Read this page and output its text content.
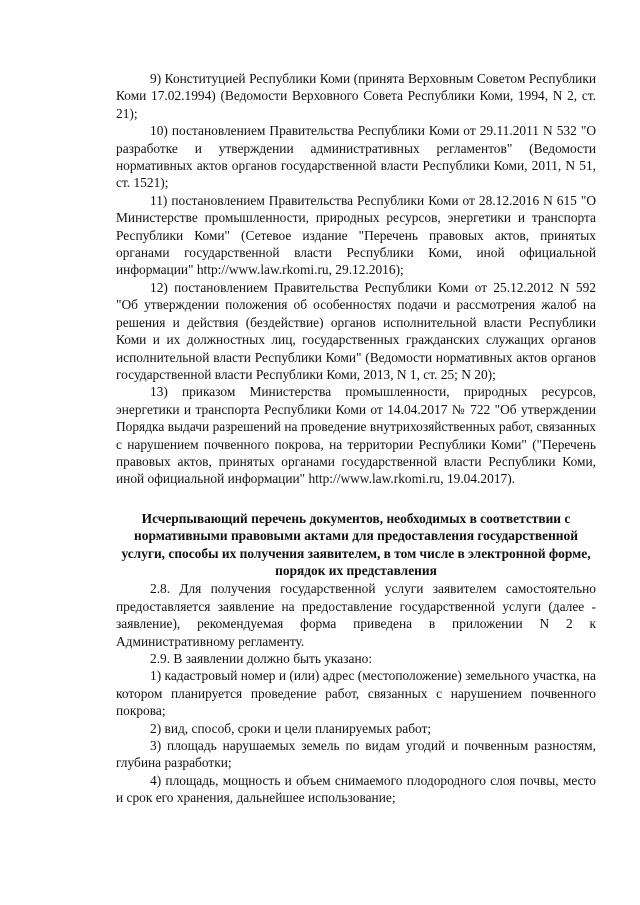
9) Конституцией Республики Коми (принята Верховным Советом Республики Коми 17.02.1994) (Ведомости Верховного Совета Республики Коми, 1994, N 2, ст. 21);

10) постановлением Правительства Республики Коми от 29.11.2011 N 532 "О разработке и утверждении административных регламентов" (Ведомости нормативных актов органов государственной власти Республики Коми, 2011, N 51, ст. 1521);

11) постановлением Правительства Республики Коми от 28.12.2016 N 615 "О Министерстве промышленности, природных ресурсов, энергетики и транспорта Республики Коми" (Сетевое издание "Перечень правовых актов, принятых органами государственной власти Республики Коми, иной официальной информации" http://www.law.rkomi.ru, 29.12.2016);

12) постановлением Правительства Республики Коми от 25.12.2012 N 592 "Об утверждении положения об особенностях подачи и рассмотрения жалоб на решения и действия (бездействие) органов исполнительной власти Республики Коми и их должностных лиц, государственных гражданских служащих органов исполнительной власти Республики Коми" (Ведомости нормативных актов органов государственной власти Республики Коми, 2013, N 1, ст. 25; N 20);

13) приказом Министерства промышленности, природных ресурсов, энергетики и транспорта Республики Коми от 14.04.2017 № 722 "Об утверждении Порядка выдачи разрешений на проведение внутрихозяйственных работ, связанных с нарушением почвенного покрова, на территории Республики Коми" ("Перечень правовых актов, принятых органами государственной власти Республики Коми, иной официальной информации" http://www.law.rkomi.ru, 19.04.2017).

Исчерпывающий перечень документов, необходимых в соответствии с нормативными правовыми актами для предоставления государственной услуги, способы их получения заявителем, в том числе в электронной форме, порядок их представления

2.8. Для получения государственной услуги заявителем самостоятельно предоставляется заявление на предоставление государственной услуги (далее - заявление), рекомендуемая форма приведена в приложении N 2 к Административному регламенту.

2.9. В заявлении должно быть указано:

1) кадастровый номер и (или) адрес (местоположение) земельного участка, на котором планируется проведение работ, связанных с нарушением почвенного покрова;

2) вид, способ, сроки и цели планируемых работ;

3) площадь нарушаемых земель по видам угодий и почвенным разностям, глубина разработки;

4) площадь, мощность и объем снимаемого плодородного слоя почвы, место и срок его хранения, дальнейшее использование;
